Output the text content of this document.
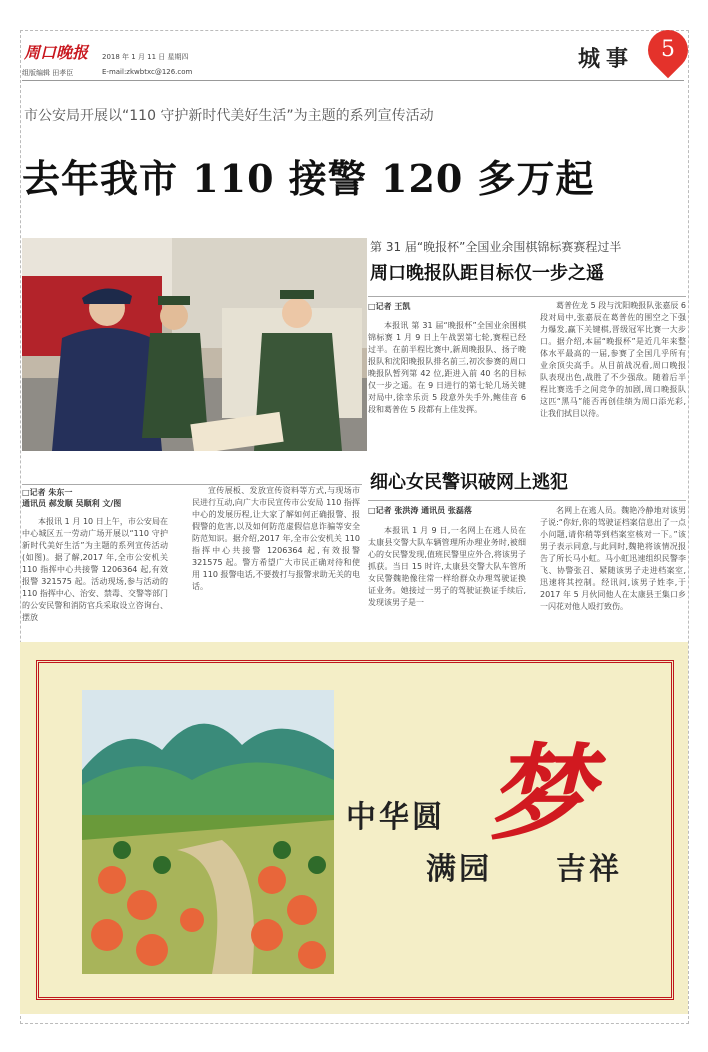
周口晚报 2018 年 1 月 11 日 星期四
组版编辑 田孝臣	E-mail:zkwbtxc@126.com	城事	5
市公安局开展以“110 守护新时代美好生活”为主题的系列宣传活动
去年我市 110 接警 120 多万起
□记者 朱东一
通讯员 郝发顺 吴顺利 文/图

本报讯 1 月 10 日上午，市公安局在中心城区五一劳动广场开展以“110 守护新时代美好生活”为主题的系列宣传活动(如图)。据了解,2017 年,全市公安机关 110 指挥中心共接警 1206364 起,有效报警 321575 起。活动现场,参与活动的 110 指挥中心、治安、禁毒、交警等部门的公安民警和消防官兵采取设立咨询台、摆放

宣传展板、发放宣传资料等方式,与现场市民进行互动,向广大市民宣传市公安局 110 指挥中心的发展历程,让大家了解如何正确报警、报假警的危害,以及如何防范虚假信息诈骗等安全防范知识。据介绍,2017 年,全市公安机关 110 指挥中心共接警 1206364 起,有效报警 321575 起。警方希望广大市民正确对待和使用 110 报警电话,不要拨打与报警求助无关的电话。

第 31 届“晚报杯”全国业余围棋锦标赛赛程过半
周口晚报队距目标仅一步之遥
□记者 王凯

本报讯 第 31 届“晚报杯”全国业余围棋锦标赛 1 月 9 日上午战罢第七轮,赛程已经过半。在前半程比赛中,新周晚报队、扬子晚报队和沈阳晚报队排名前三,初次参赛的周口晚报队暂列第 42 位,距进入前 40 名的目标仅一步之遥。在 9 日进行的第七轮几场关键对局中,徐幸乐贡 5 段意外失手外,鲍佳音 6 段和葛普佐 5 段都有上佳发挥。

葛普佐龙 5 段与沈阳晚报队张嘉辰 6 段对局中,张嘉辰在葛普佐的围空之下强力爆发,赢下关键棋,晋级冠军比赛一大步口。据介绍,本届“晚报杯”是近几年来整体水平最高的一届,参赛了全国几乎所有业余顶尖高手。从目前战况看,周口晚报队表现出色,战胜了不少强敌。随着后半程比赛选手之间竞争的加剧,周口晚报队这匹“黑马”能否再创佳绩为周口添光彩,让我们拭目以待。

细心女民警识破网上逃犯
□记者 张洪涛 通讯员 张磊落

本报讯 1 月 9 日,一名网上在逃人员在太康县交警大队车辆管理所办理业务时,被细心的女民警发现,值班民警里应外合,将该男子抓获。当日 15 时许,太康县交警大队车管所女民警魏艳像往常一样给群众办理驾驶证换证业务。她接过一男子的驾驶证换证手续后,发现该男子是一

名网上在逃人员。魏艳冷静地对该男子说:“你好,你的驾驶证档案信息出了一点小问题,请你稍等到档案室核对一下。”该男子表示同意,与此同时,魏艳将该情况报告了所长马小虹。马小虹迅速组织民警李飞、协警张召、紧随该男子走进档案室,迅速将其控制。经讯问,该男子姓李,于 2017 年 5 月伙同他人在太康县王集口乡一闪花对他人殴打致伤。

中华圆
满园 吉祥
梦
